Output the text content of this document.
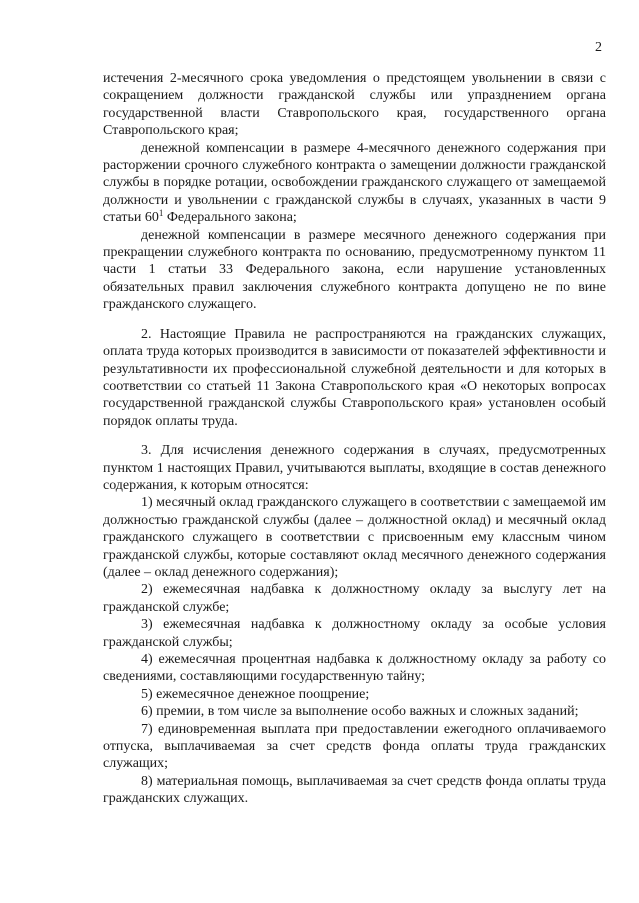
2

истечения 2-месячного срока уведомления о предстоящем увольнении в связи с сокращением должности гражданской службы или упразднением органа государственной власти Ставропольского края, государственного органа Ставропольского края;

денежной компенсации в размере 4-месячного денежного содержания при расторжении срочного служебного контракта о замещении должности гражданской службы в порядке ротации, освобождении гражданского служащего от замещаемой должности и увольнении с гражданской службы в случаях, указанных в части 9 статьи $60^1$ Федерального закона;

денежной компенсации в размере месячного денежного содержания при прекращении служебного контракта по основанию, предусмотренному пунктом 11 части 1 статьи 33 Федерального закона, если нарушение установленных обязательных правил заключения служебного контракта допущено не по вине гражданского служащего.

2. Настоящие Правила не распространяются на гражданских служащих, оплата труда которых производится в зависимости от показателей эффективности и результативности их профессиональной служебной деятельности и для которых в соответствии со статьей 11 Закона Ставропольского края «О некоторых вопросах государственной гражданской службы Ставропольского края» установлен особый порядок оплаты труда.

3. Для исчисления денежного содержания в случаях, предусмотренных пунктом 1 настоящих Правил, учитываются выплаты, входящие в состав денежного содержания, к которым относятся:

1) месячный оклад гражданского служащего в соответствии с замещаемой им должностью гражданской службы (далее – должностной оклад) и месячный оклад гражданского служащего в соответствии с присвоенным ему классным чином гражданской службы, которые составляют оклад месячного денежного содержания (далее – оклад денежного содержания);

2) ежемесячная надбавка к должностному окладу за выслугу лет на гражданской службе;

3) ежемесячная надбавка к должностному окладу за особые условия гражданской службы;

4) ежемесячная процентная надбавка к должностному окладу за работу со сведениями, составляющими государственную тайну;

5) ежемесячное денежное поощрение;

6) премии, в том числе за выполнение особо важных и сложных заданий;

7) единовременная выплата при предоставлении ежегодного оплачиваемого отпуска, выплачиваемая за счет средств фонда оплаты труда гражданских служащих;

8) материальная помощь, выплачиваемая за счет средств фонда оплаты труда гражданских служащих.
